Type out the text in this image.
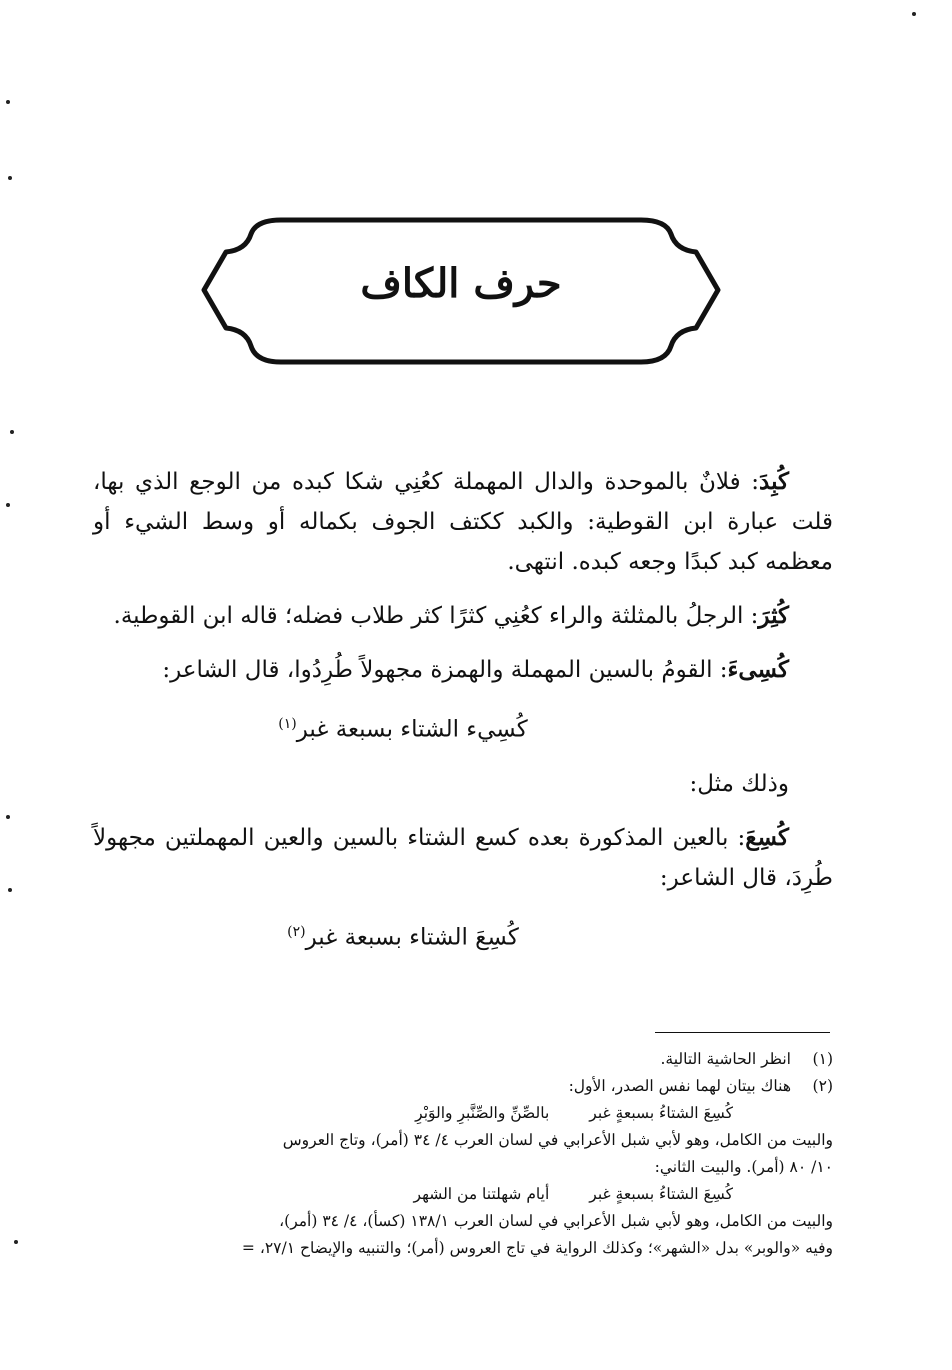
حرف الكاف

كُبِدَ: فلانٌ بالموحدة والدال المهملة كعُنِي شكا كبده من الوجع الذي بها، قلت عبارة ابن القوطية: والكبد ككتف الجوف بكماله أو وسط الشيء أو معظمه كبد كبدًا وجعه كبده. انتهى.

كُثِرَ: الرجلُ بالمثلثة والراء كعُنِي كثرًا كثر طلاب فضله؛ قاله ابن القوطية.

كُسِىءَ: القومُ بالسين المهملة والهمزة مجهولاً طُرِدُوا، قال الشاعر:

كُسِيء الشتاء بسبعة غبر$^{(١)}$

وذلك مثل:

كُسِعَ: بالعين المذكورة بعده كسع الشتاء بالسين والعين المهملتين مجهولاً طُرِدَ، قال الشاعر:

كُسِعَ الشتاء بسبعة غبر$^{(٢)}$

(١)انظر الحاشية التالية.
(٢)هناك بيتان لهما نفس الصدر، الأول:
كُسِعَ الشتاءُ بسبعةٍ غبربالصِّنِّ والصِّنَّبرِ والوَبْرِ
والبيت من الكامل، وهو لأبي شبل الأعرابي في لسان العرب ٤/ ٣٤ (أمر)، وتاج العروس
١٠/ ٨٠ (أمر). والبيت الثاني:
كُسِعَ الشتاءُ بسبعةٍ غبرأيام شهلتنا من الشهر
والبيت من الكامل، وهو لأبي شبل الأعرابي في لسان العرب ١٣٨/١ (كسأ)، ٤/ ٣٤ (أمر)،
وفيه «والوبر» بدل «الشهر»؛ وكذلك الرواية في تاج العروس (أمر)؛ والتنبيه والإيضاح ٢٧/١، =
